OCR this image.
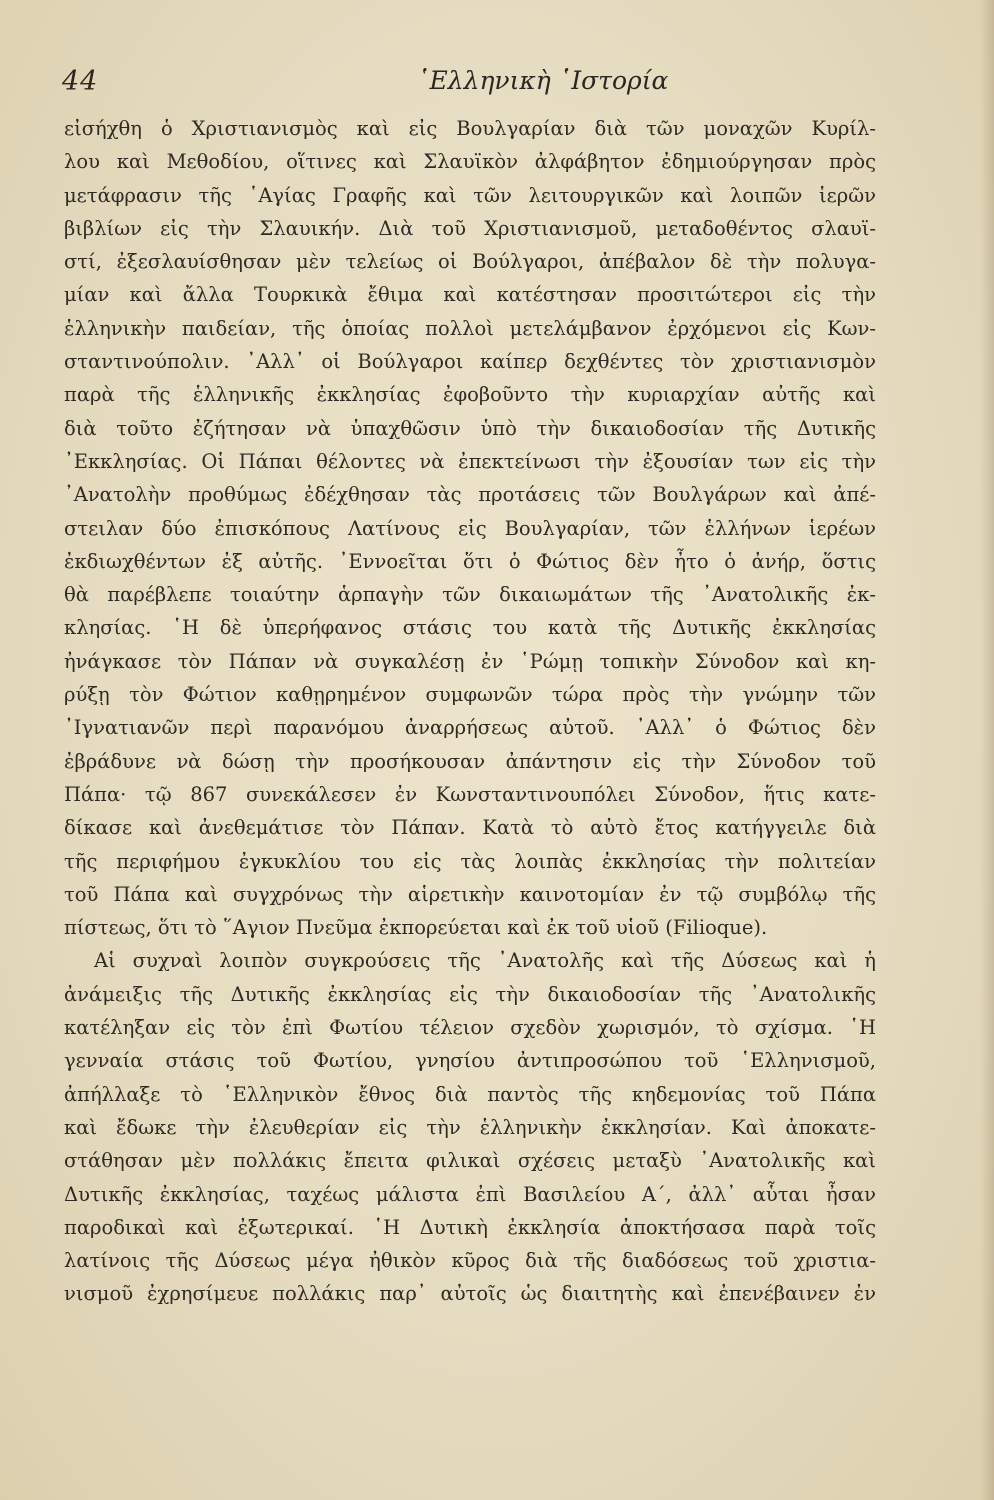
44	῾Ελληνικὴ ῾Ιστορία
εἰσήχθη ὁ Χριστιανισμὸς καὶ εἰς Βουλγαρίαν διὰ τῶν μοναχῶν Κυρίλ-
λου καὶ Μεθοδίου, οἵτινες καὶ Σλαυϊκὸν ἀλφάβητον ἐδημιούργησαν πρὸς
μετάφρασιν τῆς ῾Αγίας Γραφῆς καὶ τῶν λειτουργικῶν καὶ λοιπῶν ἱερῶν
βιβλίων εἰς τὴν Σλαυικήν. Διὰ τοῦ Χριστιανισμοῦ, μεταδοθέντος σλαυϊ-
στί, ἐξεσλαυίσθησαν μὲν τελείως οἱ Βούλγαροι, ἀπέβαλον δὲ τὴν πολυγα-
μίαν καὶ ἄλλα Τουρκικὰ ἔθιμα καὶ κατέστησαν προσιτώτεροι εἰς τὴν
ἑλληνικὴν παιδείαν, τῆς ὁποίας πολλοὶ μετελάμβανον ἐρχόμενοι εἰς Κων-
σταντινούπολιν. ᾿Αλλ᾿ οἱ Βούλγαροι καίπερ δεχθέντες τὸν χριστιανισμὸν
παρὰ τῆς ἑλληνικῆς ἐκκλησίας ἐφοβοῦντο τὴν κυριαρχίαν αὐτῆς καὶ
διὰ τοῦτο ἐζήτησαν νὰ ὑπαχθῶσιν ὑπὸ τὴν δικαιοδοσίαν τῆς Δυτικῆς
᾿Εκκλησίας. Οἱ Πάπαι θέλοντες νὰ ἐπεκτείνωσι τὴν ἐξουσίαν των εἰς τὴν
᾿Ανατολὴν προθύμως ἐδέχθησαν τὰς προτάσεις τῶν Βουλγάρων καὶ ἀπέ-
στειλαν δύο ἐπισκόπους Λατίνους εἰς Βουλγαρίαν, τῶν ἑλλήνων ἱερέων
ἐκδιωχθέντων ἐξ αὐτῆς. ᾿Εννοεῖται ὅτι ὁ Φώτιος δὲν ἦτο ὁ ἀνήρ, ὅστις
θὰ παρέβλεπε τοιαύτην ἁρπαγὴν τῶν δικαιωμάτων τῆς ᾿Ανατολικῆς ἐκ-
κλησίας. ῾Η δὲ ὑπερήφανος στάσις του κατὰ τῆς Δυτικῆς ἐκκλησίας
ἠνάγκασε τὸν Πάπαν νὰ συγκαλέσῃ ἐν ῾Ρώμῃ τοπικὴν Σύνοδον καὶ κη-
ρύξῃ τὸν Φώτιον καθῃρημένον συμφωνῶν τώρα πρὸς τὴν γνώμην τῶν
᾿Ιγνατιανῶν περὶ παρανόμου ἀναρρήσεως αὐτοῦ. ᾿Αλλ᾿ ὁ Φώτιος δὲν
ἐβράδυνε νὰ δώσῃ τὴν προσήκουσαν ἀπάντησιν εἰς τὴν Σύνοδον τοῦ
Πάπα· τῷ 867 συνεκάλεσεν ἐν Κωνσταντινουπόλει Σύνοδον, ἥτις κατε-
δίκασε καὶ ἀνεθεμάτισε τὸν Πάπαν. Κατὰ τὸ αὐτὸ ἔτος κατήγγειλε διὰ
τῆς περιφήμου ἐγκυκλίου του εἰς τὰς λοιπὰς ἐκκλησίας τὴν πολιτείαν
τοῦ Πάπα καὶ συγχρόνως τὴν αἱρετικὴν καινοτομίαν ἐν τῷ συμβόλῳ τῆς
πίστεως, ὅτι τὸ ῞Αγιον Πνεῦμα ἐκπορεύεται καὶ ἐκ τοῦ υἱοῦ (Filioque).
Αἱ συχναὶ λοιπὸν συγκρούσεις τῆς ᾿Ανατολῆς καὶ τῆς Δύσεως καὶ ἡ
ἀνάμειξις τῆς Δυτικῆς ἐκκλησίας εἰς τὴν δικαιοδοσίαν τῆς ᾿Ανατολικῆς
κατέληξαν εἰς τὸν ἐπὶ Φωτίου τέλειον σχεδὸν χωρισμόν, τὸ σχίσμα. ῾Η
γενναία στάσις τοῦ Φωτίου, γνησίου ἀντιπροσώπου τοῦ ῾Ελληνισμοῦ,
ἀπήλλαξε τὸ ῾Ελληνικὸν ἔθνος διὰ παντὸς τῆς κηδεμονίας τοῦ Πάπα
καὶ ἔδωκε τὴν ἐλευθερίαν εἰς τὴν ἑλληνικὴν ἐκκλησίαν. Καὶ ἀποκατε-
στάθησαν μὲν πολλάκις ἔπειτα φιλικαὶ σχέσεις μεταξὺ ᾿Ανατολικῆς καὶ
Δυτικῆς ἐκκλησίας, ταχέως μάλιστα ἐπὶ Βασιλείου Α΄, ἀλλ᾿ αὗται ἦσαν
παροδικαὶ καὶ ἐξωτερικαί. ῾Η Δυτικὴ ἐκκλησία ἀποκτήσασα παρὰ τοῖς
λατίνοις τῆς Δύσεως μέγα ἠθικὸν κῦρος διὰ τῆς διαδόσεως τοῦ χριστια-
νισμοῦ ἐχρησίμευε πολλάκις παρ᾿ αὐτοῖς ὡς διαιτητὴς καὶ ἐπενέβαινεν ἐν
